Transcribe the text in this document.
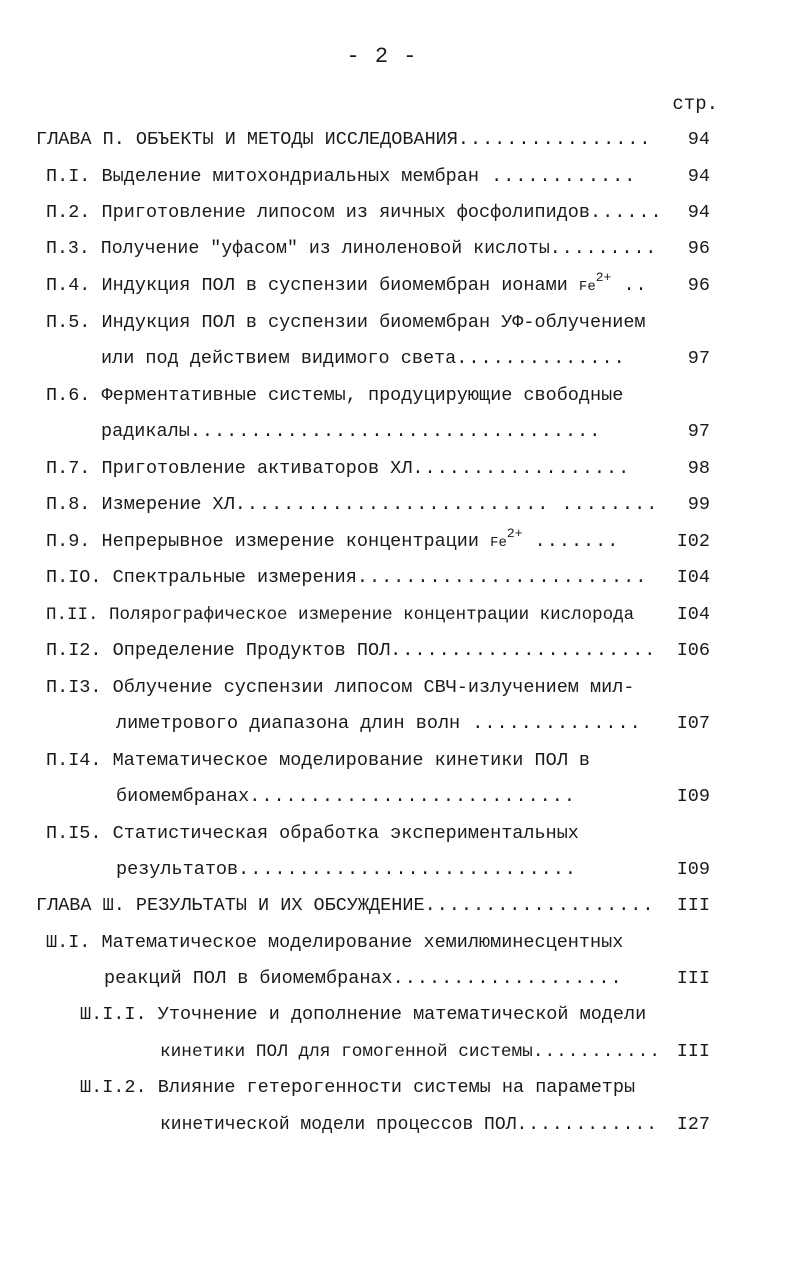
- 2 -
стр.
ГЛАВА П. ОБЪЕКТЫ И МЕТОДЫ ИССЛЕДОВАНИЯ................ 94
П.I. Выделение митохондриальных мембран ............	94
П.2. Приготовление липосом из яичных фосфолипидов...... 94
П.3. Получение "уфасом" из линоленовой кислоты......... 96
П.4. Индукция ПОЛ в суспензии биомембран ионами $Fe^{2+}$ .. 96
П.5. Индукция ПОЛ в суспензии биомембран УФ-облучением
или под действием видимого света..............	97
П.6. Ферментативные системы, продуцирующие свободные
радикалы..................................	97
П.7. Приготовление активаторов ХЛ..................	98
П.8. Измерение ХЛ.......................... ........ 99
П.9. Непрерывное измерение концентрации $Fe^{2+}$ .......	I02
П.IO. Спектральные измерения........................ I04
П.II. Полярографическое измерение концентрации кислорода I04
П.I2. Определение Продуктов ПОЛ...................... I06
П.I3. Облучение суспензии липосом СВЧ-излучением мил-
лиметрового диапазона длин волн .............. I07
П.I4. Математическое моделирование кинетики ПОЛ в
биомембранах...........................	I09
П.I5. Статистическая обработка экспериментальных
результатов............................	I09
ГЛАВА Ш. РЕЗУЛЬТАТЫ И ИХ ОБСУЖДЕНИЕ................... III
Ш.I. Математическое моделирование хемилюминесцентных
реакций ПОЛ в биомембранах...................	III
Ш.I.I. Уточнение и дополнение математической модели
кинетики ПОЛ для гомогенной системы........... III
Ш.I.2. Влияние гетерогенности системы на параметры
кинетической модели процессов ПОЛ............ I27
